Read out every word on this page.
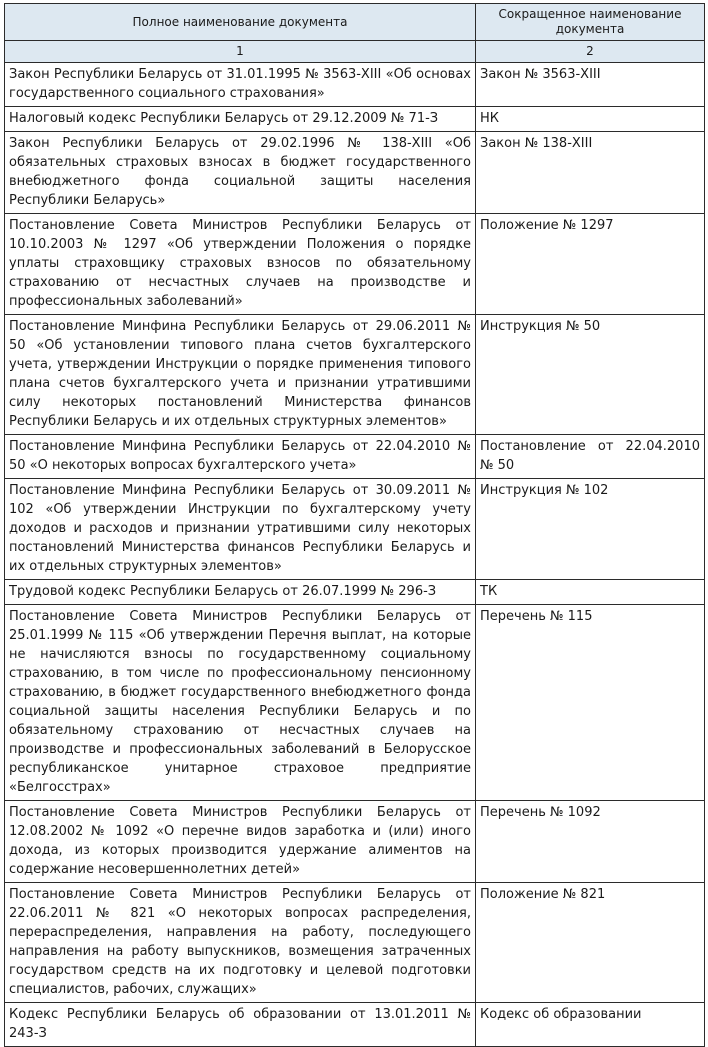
Полное наименование документа	Сокращенное наименование документа
1	2
Закон Республики Беларусь от 31.01.1995 № 3563-XIII «Об основах государственного социального страхования»	Закон № 3563-XIII
Налоговый кодекс Республики Беларусь от 29.12.2009 № 71-З	НК
Закон Республики Беларусь от 29.02.1996 № 138-XIII «Об обязательных страховых взносах в бюджет государственного внебюджетного фонда социальной защиты населения Республики Беларусь»	Закон № 138-XIII
Постановление Совета Министров Республики Беларусь от 10.10.2003 № 1297 «Об утверждении Положения о порядке уплаты страховщику страховых взносов по обязательному страхованию от несчастных случаев на производстве и профессиональных заболеваний»	Положение № 1297
Постановление Минфина Республики Беларусь от 29.06.2011 № 50 «Об установлении типового плана счетов бухгалтерского учета, утверждении Инструкции о порядке применения типового плана счетов бухгалтерского учета и признании утратившими силу некоторых постановлений Министерства финансов Республики Беларусь и их отдельных структурных элементов»	Инструкция № 50
Постановление Минфина Республики Беларусь от 22.04.2010 № 50 «О некоторых вопросах бухгалтерского учета»	Постановление от 22.04.2010 № 50
Постановление Минфина Республики Беларусь от 30.09.2011 № 102 «Об утверждении Инструкции по бухгалтерскому учету доходов и расходов и признании утратившими силу некоторых постановлений Министерства финансов Республики Беларусь и их отдельных структурных элементов»	Инструкция № 102
Трудовой кодекс Республики Беларусь от 26.07.1999 № 296-З	ТК
Постановление Совета Министров Республики Беларусь от 25.01.1999 № 115 «Об утверждении Перечня выплат, на которые не начисляются взносы по государственному социальному страхованию, в том числе по профессиональному пенсионному страхованию, в бюджет государственного внебюджетного фонда социальной защиты населения Республики Беларусь и по обязательному страхованию от несчастных случаев на производстве и профессиональных заболеваний в Белорусское республиканское унитарное страховое предприятие «Белгосстрах»	Перечень № 115
Постановление Совета Министров Республики Беларусь от 12.08.2002 № 1092 «О перечне видов заработка и (или) иного дохода, из которых производится удержание алиментов на содержание несовершеннолетних детей»	Перечень № 1092
Постановление Совета Министров Республики Беларусь от 22.06.2011 № 821 «О некоторых вопросах распределения, перераспределения, направления на работу, последующего направления на работу выпускников, возмещения затраченных государством средств на их подготовку и целевой подготовки специалистов, рабочих, служащих»	Положение № 821
Кодекс Республики Беларусь об образовании от 13.01.2011 № 243-З	Кодекс об образовании
